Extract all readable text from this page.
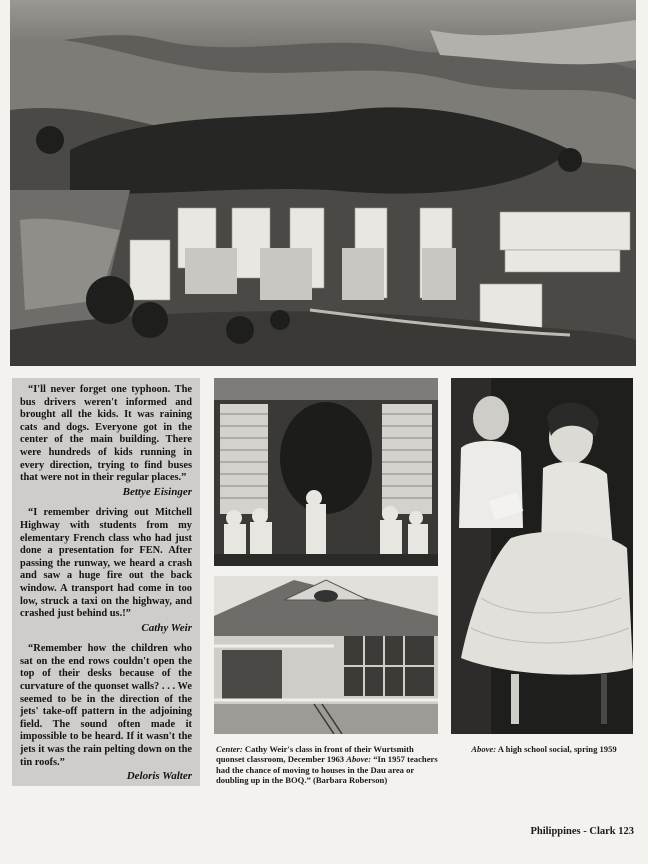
“I'll never forget one typhoon. The bus drivers weren't informed and brought all the kids. It was raining cats and dogs. Everyone got in the center of the main building. There were hundreds of kids running in every direction, trying to find buses that were not in their regular places.”

Bettye Eisinger

“I remember driving out Mitchell Highway with students from my elementary French class who had just done a presentation for FEN. After passing the runway, we heard a crash and saw a huge fire out the back window. A transport had come in too low, struck a taxi on the highway, and crashed just behind us.!”

Cathy Weir

“Remember how the children who sat on the end rows couldn't open the top of their desks because of the curvature of the quonset walls? . . . We seemed to be in the direction of the jets' take-off pattern in the adjoining field. The sound often made it impossible to be heard. If it wasn't the jets it was the rain pelting down on the tin roofs.”

Deloris Walter

Center: Cathy Weir's class in front of their Wurtsmith quonset classroom, December 1963 Above: “In 1957 teachers had the chance of moving to houses in the Dau area or doubling up in the BOQ.” (Barbara Roberson)
Above: A high school social, spring 1959
Philippines - Clark 123
